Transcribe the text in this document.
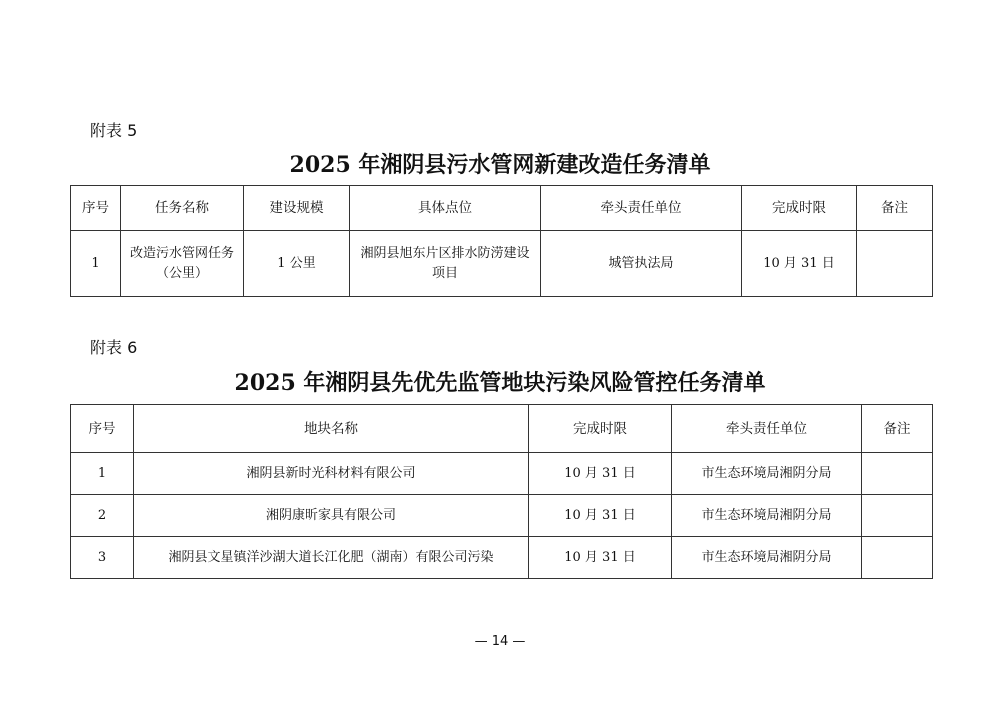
附表 5
2025 年湘阴县污水管网新建改造任务清单
序号	任务名称	建设规模	具体点位	牵头责任单位	完成时限	备注
1	改造污水管网任务（公里）	1 公里	湘阴县旭东片区排水防涝建设项目	城管执法局	10 月 31 日	
附表 6
2025 年湘阴县先优先监管地块污染风险管控任务清单
序号	地块名称	完成时限	牵头责任单位	备注
1	湘阴县新时光科材料有限公司	10 月 31 日	市生态环境局湘阴分局	
2	湘阴康昕家具有限公司	10 月 31 日	市生态环境局湘阴分局	
3	湘阴县文星镇洋沙湖大道长江化肥（湖南）有限公司污染	10 月 31 日	市生态环境局湘阴分局	
— 14 —
